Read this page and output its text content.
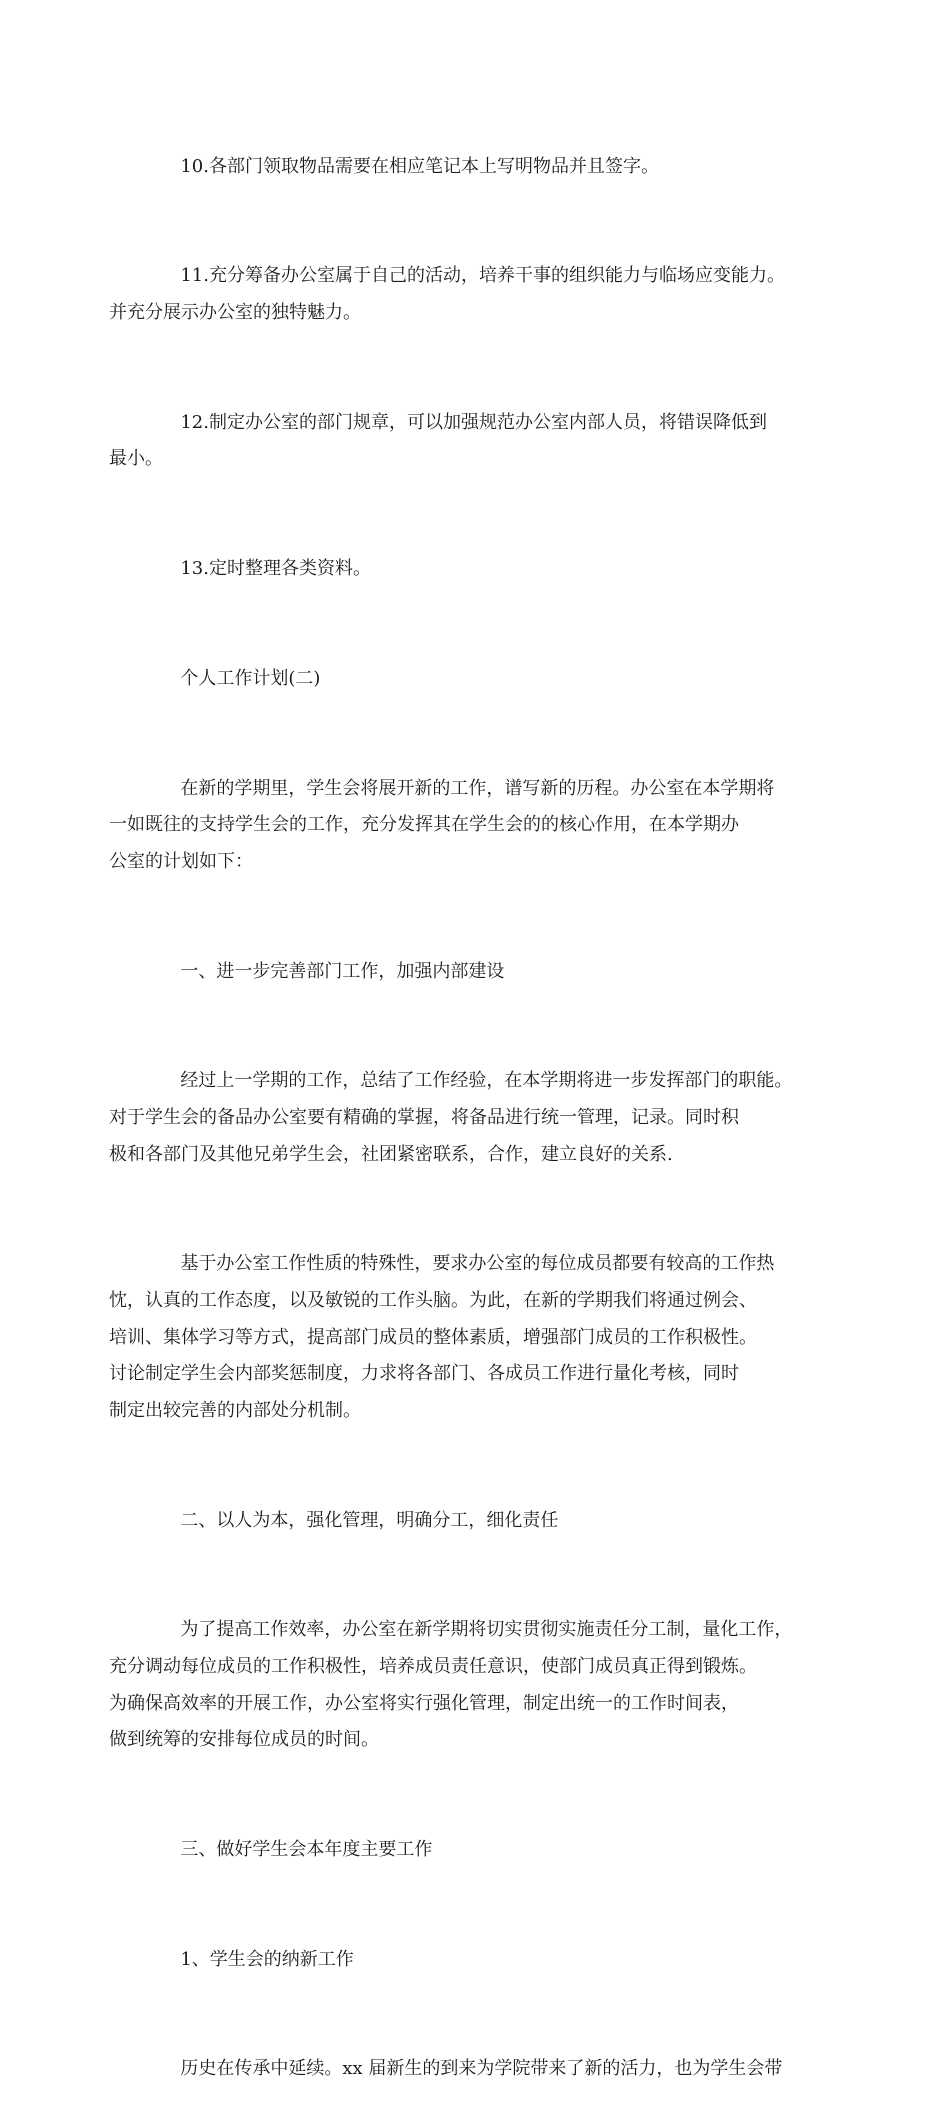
10.各部门领取物品需要在相应笔记本上写明物品并且签字。

11.充分筹备办公室属于自己的活动，培养干事的组织能力与临场应变能力。
并充分展示办公室的独特魅力。

12.制定办公室的部门规章，可以加强规范办公室内部人员，将错误降低到
最小。

13.定时整理各类资料。

个人工作计划(二)

在新的学期里，学生会将展开新的工作，谱写新的历程。办公室在本学期将
一如既往的支持学生会的工作，充分发挥其在学生会的的核心作用，在本学期办
公室的计划如下：

一、进一步完善部门工作，加强内部建设

经过上一学期的工作，总结了工作经验，在本学期将进一步发挥部门的职能。
对于学生会的备品办公室要有精确的掌握，将备品进行统一管理，记录。同时积
极和各部门及其他兄弟学生会，社团紧密联系，合作，建立良好的关系.

基于办公室工作性质的特殊性，要求办公室的每位成员都要有较高的工作热
忱，认真的工作态度，以及敏锐的工作头脑。为此，在新的学期我们将通过例会、
培训、集体学习等方式，提高部门成员的整体素质，增强部门成员的工作积极性。
讨论制定学生会内部奖惩制度，力求将各部门、各成员工作进行量化考核，同时
制定出较完善的内部处分机制。

二、以人为本，强化管理，明确分工，细化责任

为了提高工作效率，办公室在新学期将切实贯彻实施责任分工制，量化工作，
充分调动每位成员的工作积极性，培养成员责任意识，使部门成员真正得到锻炼。
为确保高效率的开展工作，办公室将实行强化管理，制定出统一的工作时间表，
做到统筹的安排每位成员的时间。

三、做好学生会本年度主要工作

1、学生会的纳新工作

历史在传承中延续。xx 届新生的到来为学院带来了新的活力，也为学生会带
